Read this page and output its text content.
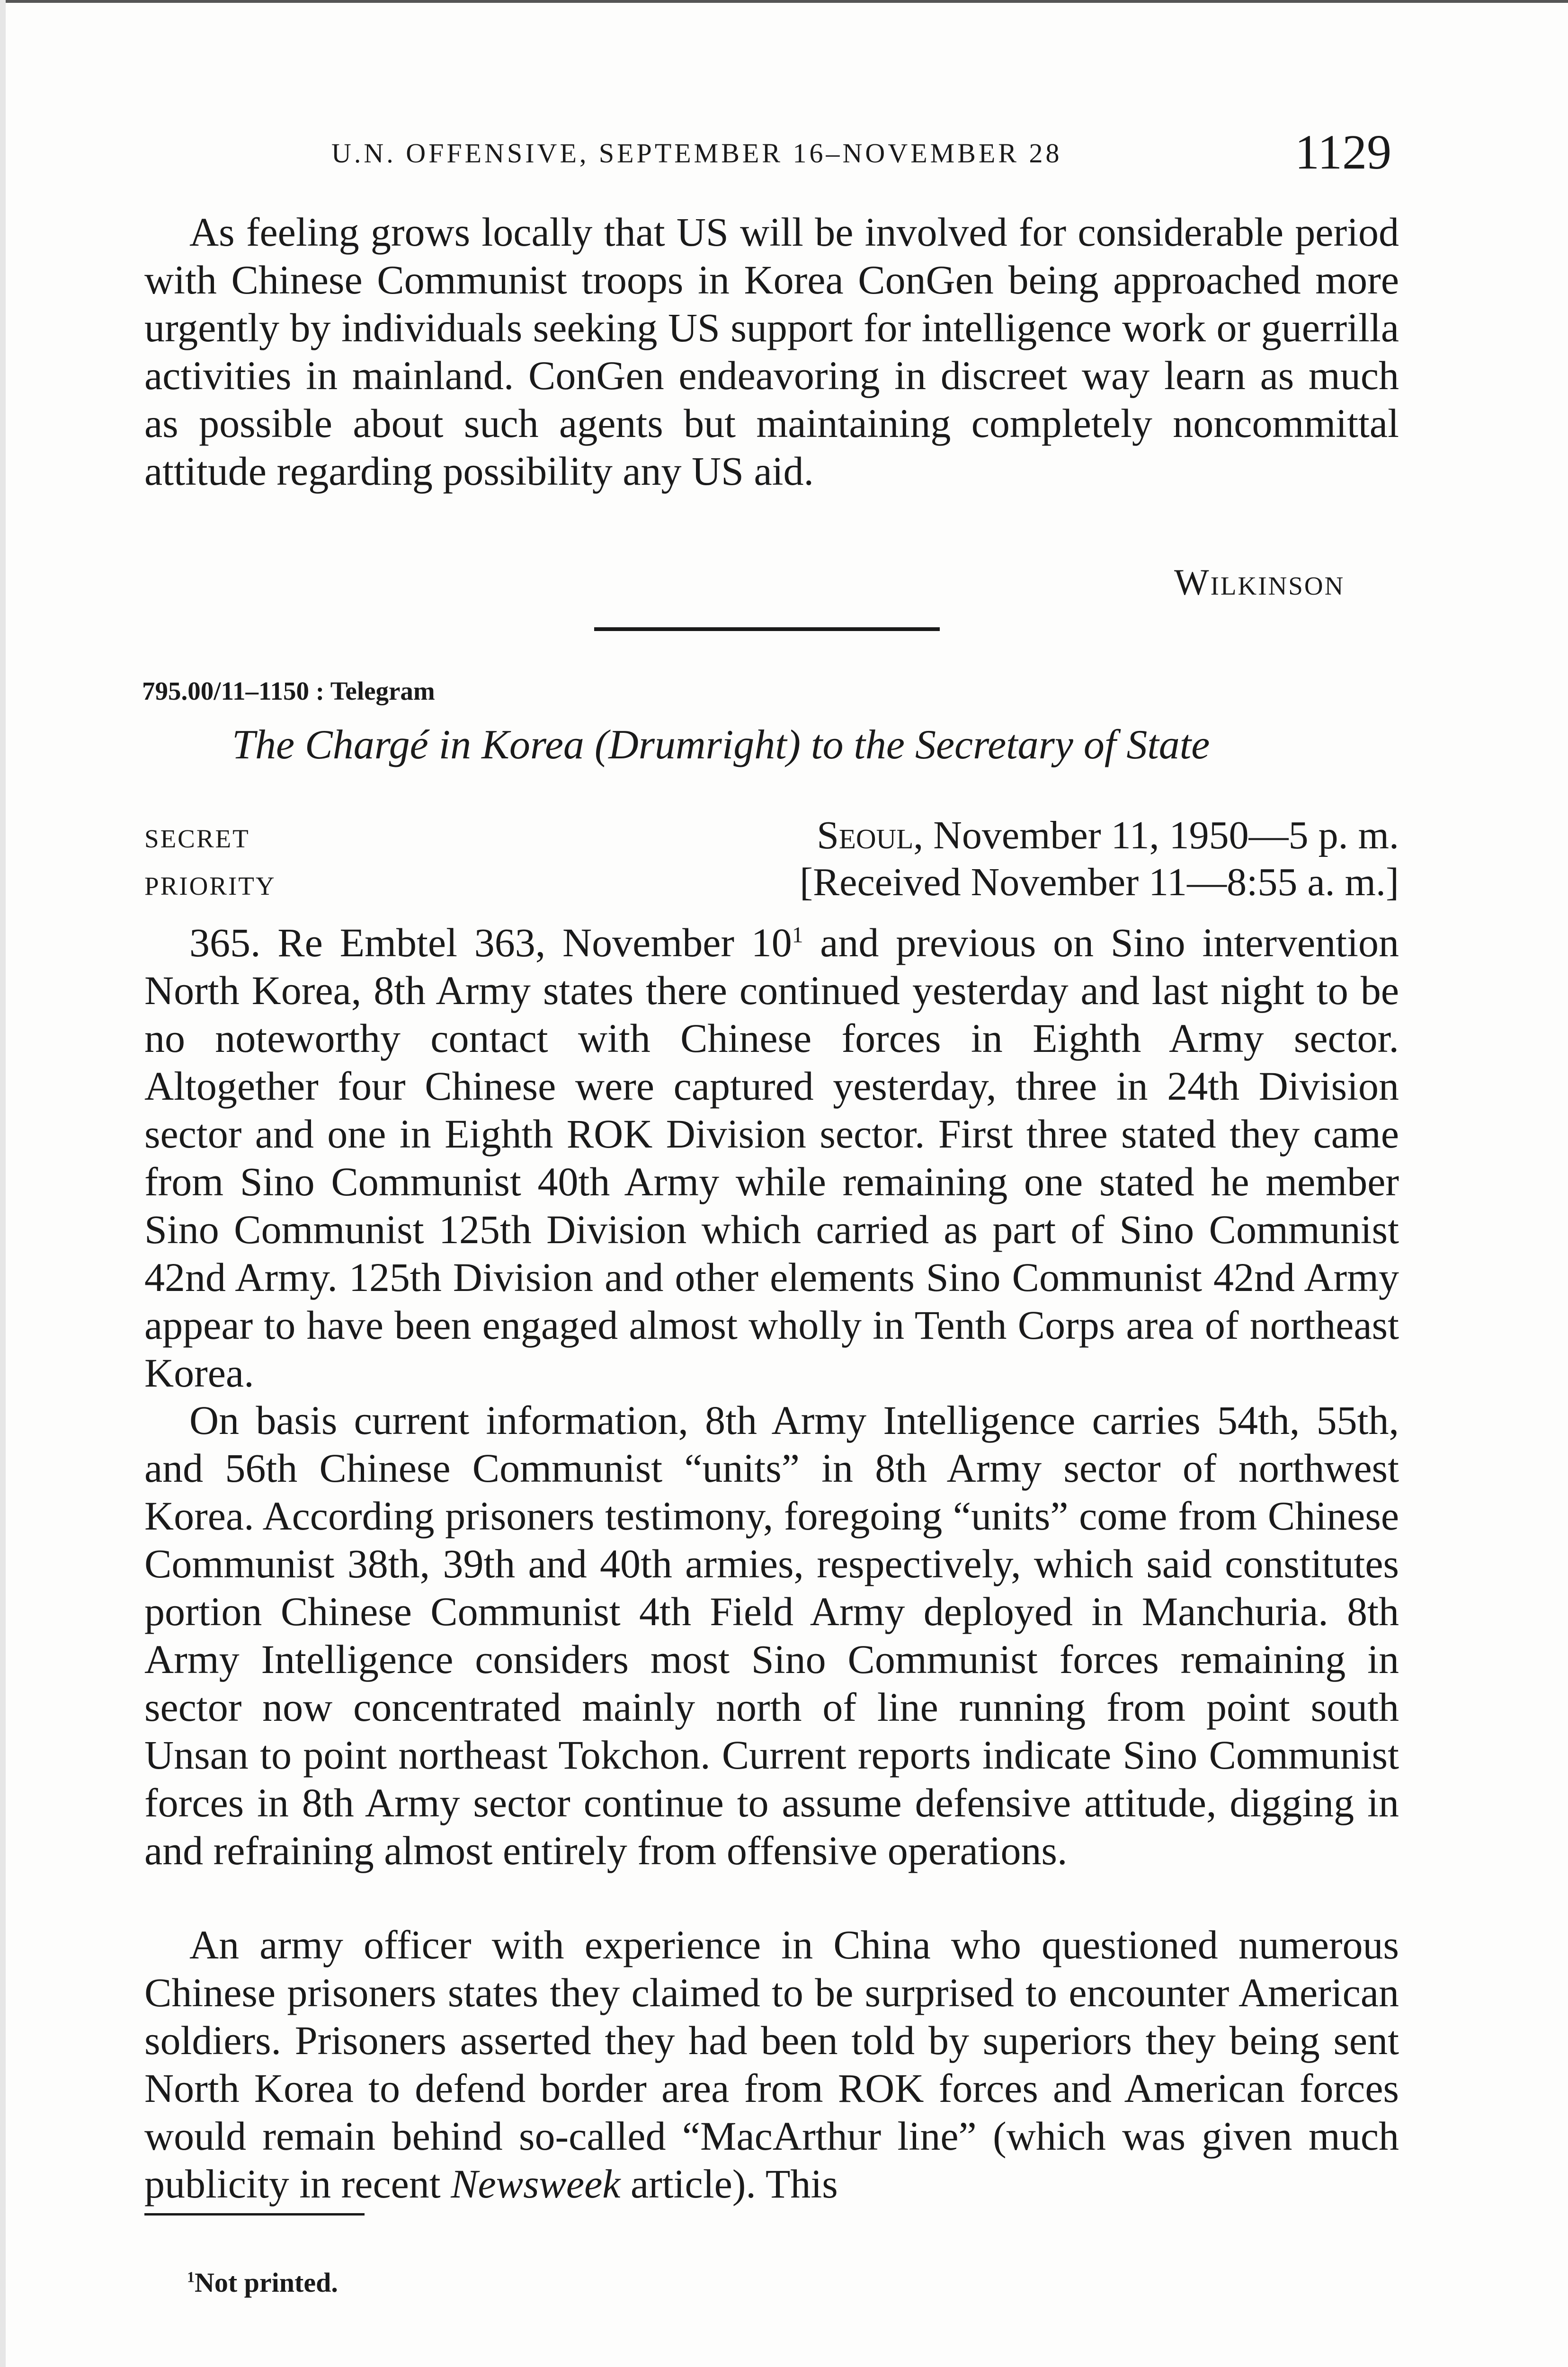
U.N. OFFENSIVE, SEPTEMBER 16–NOVEMBER 28	1129

As feeling grows locally that US will be involved for considerable period with Chinese Communist troops in Korea ConGen being approached more urgently by individuals seeking US support for intelligence work or guerrilla activities in mainland. ConGen endeavoring in discreet way learn as much as possible about such agents but maintaining completely noncommittal attitude regarding possibility any US aid.

Wilkinson
795.00/11–1150 : Telegram
The Chargé in Korea (Drumright) to the Secretary of State
SECRET
PRIORITY
Seoul, November 11, 1950—5 p. m.
[Received November 11—8:55 a. m.]

365. Re Embtel 363, November $10^1$ and previous on Sino intervention North Korea, 8th Army states there continued yesterday and last night to be no noteworthy contact with Chinese forces in Eighth Army sector. Altogether four Chinese were captured yesterday, three in 24th Division sector and one in Eighth ROK Division sector. First three stated they came from Sino Communist 40th Army while remaining one stated he member Sino Communist 125th Division which carried as part of Sino Communist 42nd Army. 125th Division and other elements Sino Communist 42nd Army appear to have been engaged almost wholly in Tenth Corps area of northeast Korea.

On basis current information, 8th Army Intelligence carries 54th, 55th, and 56th Chinese Communist “units” in 8th Army sector of northwest Korea. According prisoners testimony, foregoing “units” come from Chinese Communist 38th, 39th and 40th armies, respectively, which said constitutes portion Chinese Communist 4th Field Army deployed in Manchuria. 8th Army Intelligence considers most Sino Communist forces remaining in sector now concentrated mainly north of line running from point south Unsan to point northeast Tokchon. Current reports indicate Sino Communist forces in 8th Army sector continue to assume defensive attitude, digging in and refraining almost entirely from offensive operations.

An army officer with experience in China who questioned numerous Chinese prisoners states they claimed to be surprised to encounter American soldiers. Prisoners asserted they had been told by superiors they being sent North Korea to defend border area from ROK forces and American forces would remain behind so-called “MacArthur line” (which was given much publicity in recent Newsweek article). This

$^1$Not printed.
